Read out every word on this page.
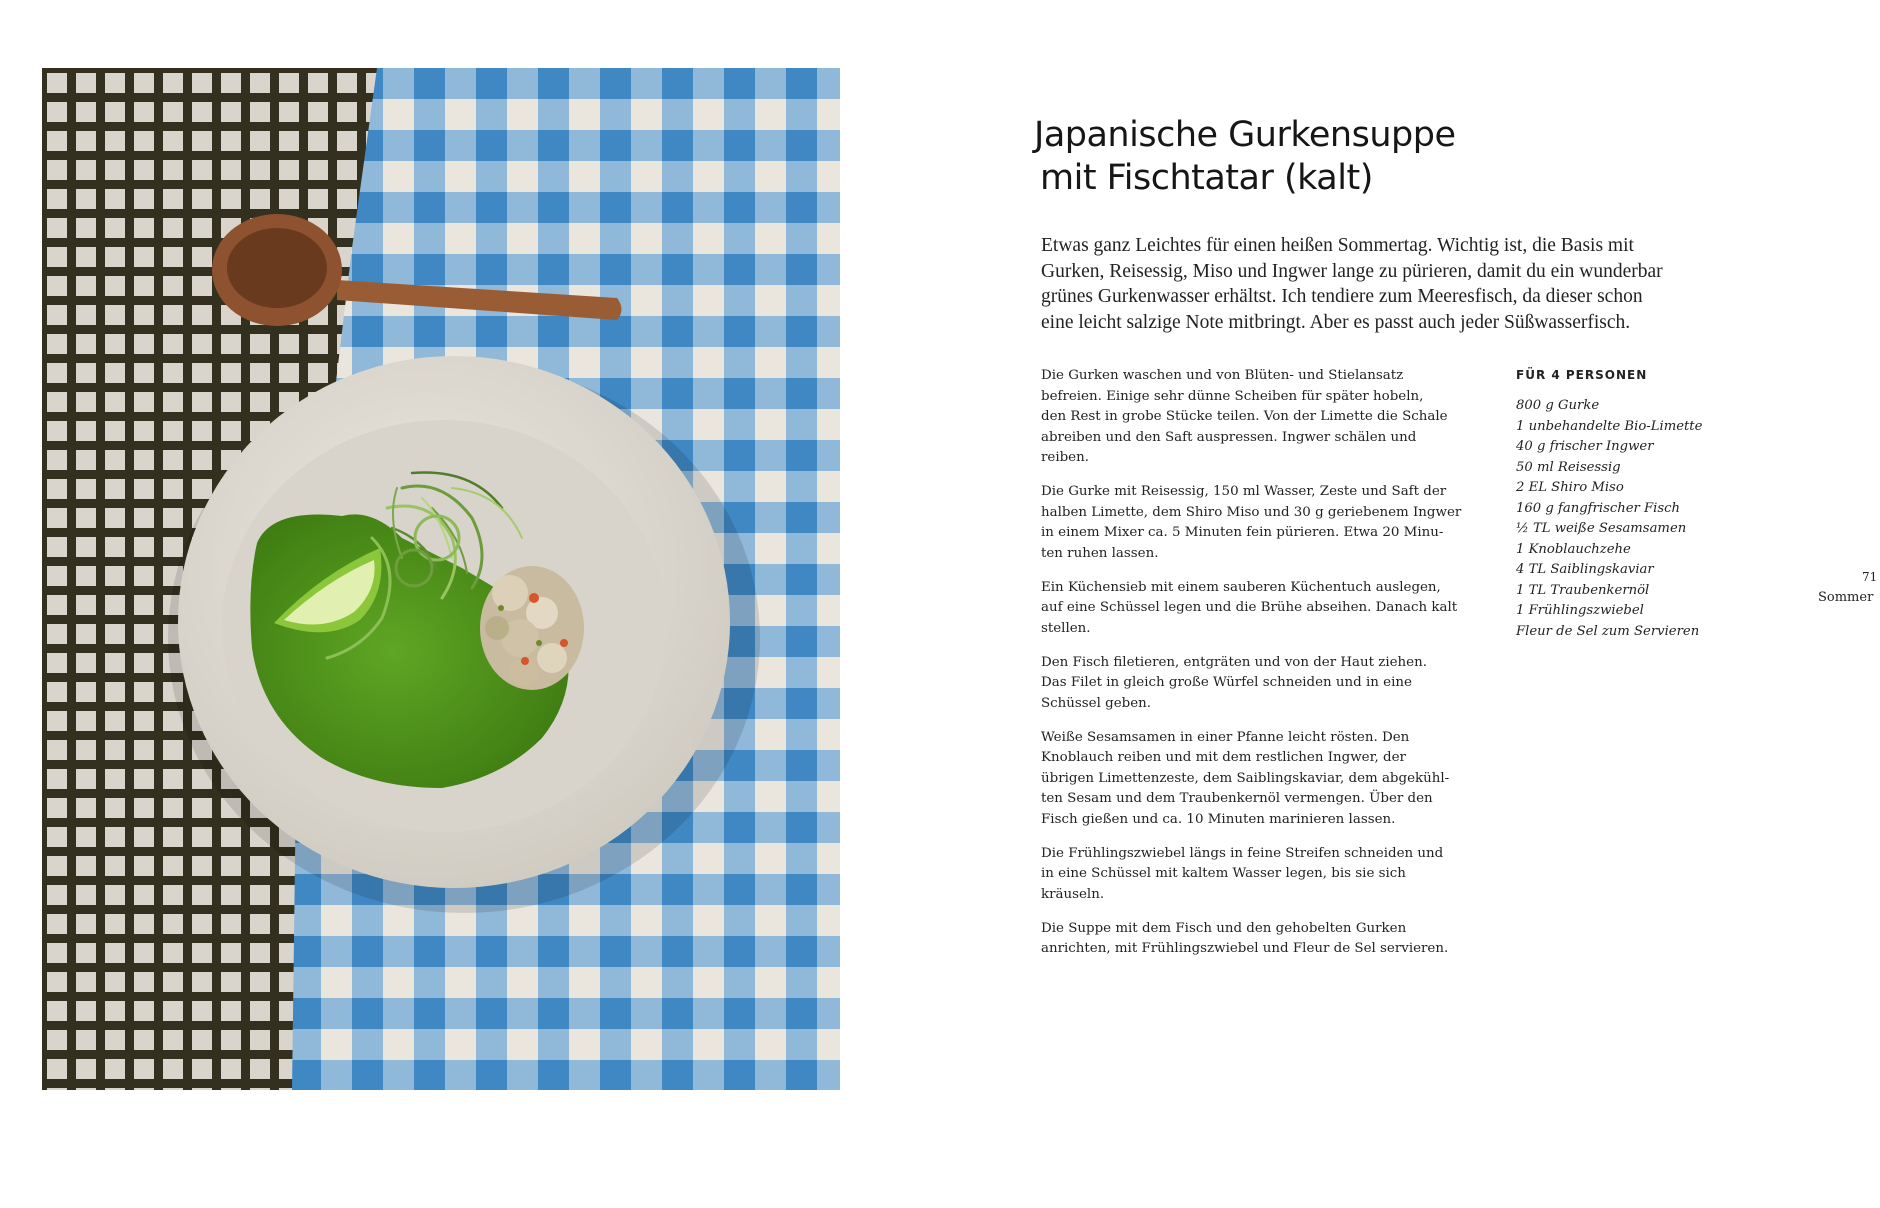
Japanische Gurkensuppe
mit Fischtatar (kalt)
Etwas ganz Leichtes für einen heißen Sommertag. Wichtig ist, die Basis mit
Gurken, Reisessig, Miso und Ingwer lange zu pürieren, damit du ein wunderbar
grünes Gurkenwasser erhältst. Ich tendiere zum Meeresfisch, da dieser schon
eine leicht salzige Note mitbringt. Aber es passt auch jeder Süßwasserfisch.
Die Gurken waschen und von Blüten- und Stielansatz
befreien. Einige sehr dünne Scheiben für später hobeln,
den Rest in grobe Stücke teilen. Von der Limette die Schale
abreiben und den Saft auspressen. Ingwer schälen und
reiben.
Die Gurke mit Reisessig, 150 ml Wasser, Zeste und Saft der
halben Limette, dem Shiro Miso und 30 g geriebenem Ingwer
in einem Mixer ca. 5 Minuten fein pürieren. Etwa 20 Minu-
ten ruhen lassen.
Ein Küchensieb mit einem sauberen Küchentuch auslegen,
auf eine Schüssel legen und die Brühe abseihen. Danach kalt
stellen.
Den Fisch filetieren, entgräten und von der Haut ziehen.
Das Filet in gleich große Würfel schneiden und in eine
Schüssel geben.
Weiße Sesamsamen in einer Pfanne leicht rösten. Den
Knoblauch reiben und mit dem restlichen Ingwer, der
übrigen Limettenzeste, dem Saiblingskaviar, dem abgekühl-
ten Sesam und dem Traubenkernöl vermengen. Über den
Fisch gießen und ca. 10 Minuten marinieren lassen.
Die Frühlingszwiebel längs in feine Streifen schneiden und
in eine Schüssel mit kaltem Wasser legen, bis sie sich
kräuseln.
Die Suppe mit dem Fisch und den gehobelten Gurken
anrichten, mit Frühlingszwiebel und Fleur de Sel servieren.
FÜR 4 PERSONEN
800 g Gurke
1 unbehandelte Bio-Limette
40 g frischer Ingwer
50 ml Reisessig
2 EL Shiro Miso
160 g fangfrischer Fisch
½ TL weiße Sesamsamen
1 Knoblauchzehe
4 TL Saiblingskaviar
1 TL Traubenkernöl
1 Frühlingszwiebel
Fleur de Sel zum Servieren
71
Sommer
